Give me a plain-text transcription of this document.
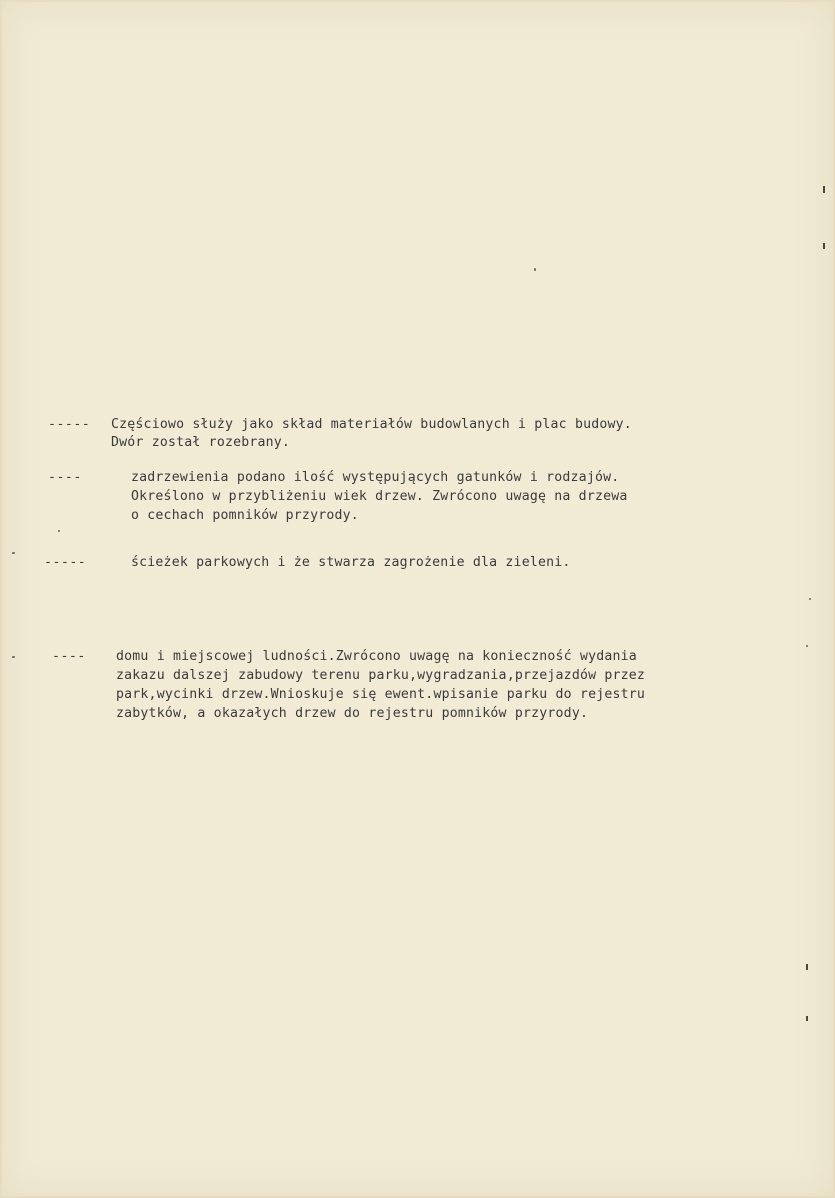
----- Częściowo służy jako skład materiałów budowlanych i plac budowy.
Dwór został rozebrany.
----	zadrzewienia podano ilość występujących gatunków i rodzajów.
Określono w przybliżeniu wiek drzew. Zwrócono uwagę na drzewa
o cechach pomników przyrody.
-----	ścieżek parkowych i że stwarza zagrożenie dla zieleni.
---- domu i miejscowej ludności.Zwrócono uwagę na konieczność wydania
zakazu dalszej zabudowy terenu parku,wygradzania,przejazdów przez
park,wycinki drzew.Wnioskuje się ewent.wpisanie parku do rejestru
zabytków, a okazałych drzew do rejestru pomników przyrody.
